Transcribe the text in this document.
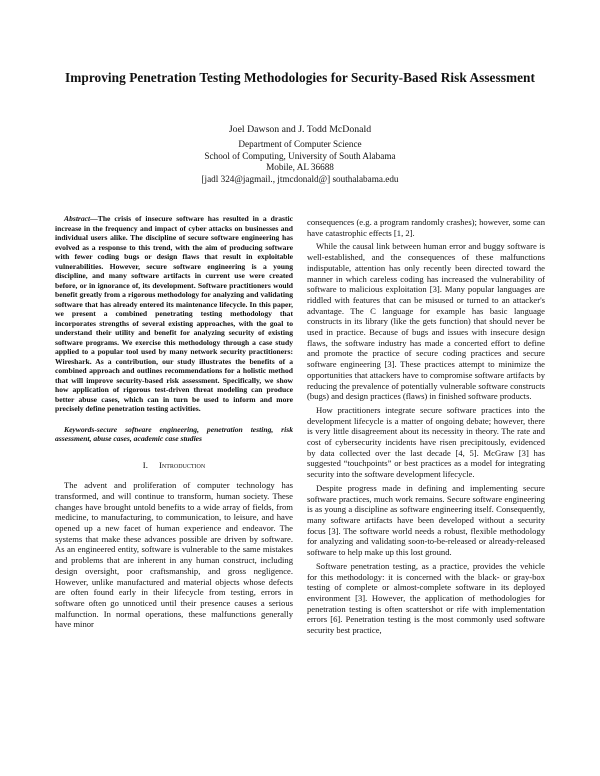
Improving Penetration Testing Methodologies for Security-Based Risk Assessment
Joel Dawson and J. Todd McDonald
Department of Computer Science
School of Computing, University of South Alabama
Mobile, AL 36688
[jadl 324@jagmail., jtmcdonald@] southalabama.edu

Abstract—The crisis of insecure software has resulted in a drastic increase in the frequency and impact of cyber attacks on businesses and individual users alike. The discipline of secure software engineering has evolved as a response to this trend, with the aim of producing software with fewer coding bugs or design flaws that result in exploitable vulnerabilities. However, secure software engineering is a young discipline, and many software artifacts in current use were created before, or in ignorance of, its development. Software practitioners would benefit greatly from a rigorous methodology for analyzing and validating software that has already entered its maintenance lifecycle. In this paper, we present a combined penetrating testing methodology that incorporates strengths of several existing approaches, with the goal to understand their utility and benefit for analyzing security of existing software programs. We exercise this methodology through a case study applied to a popular tool used by many network security practitioners: Wireshark. As a contribution, our study illustrates the benefits of a combined approach and outlines recommendations for a holistic method that will improve security-based risk assessment. Specifically, we show how application of rigorous test-driven threat modeling can produce better abuse cases, which can in turn be used to inform and more precisely define penetration testing activities.

Keywords-secure software engineering, penetration testing, risk assessment, abuse cases, academic case studies

I. Introduction

The advent and proliferation of computer technology has transformed, and will continue to transform, human society. These changes have brought untold benefits to a wide array of fields, from medicine, to manufacturing, to communication, to leisure, and have opened up a new facet of human experience and endeavor. The systems that make these advances possible are driven by software. As an engineered entity, software is vulnerable to the same mistakes and problems that are inherent in any human construct, including design oversight, poor craftsmanship, and gross negligence. However, unlike manufactured and material objects whose defects are often found early in their lifecycle from testing, errors in software often go unnoticed until their presence causes a serious malfunction. In normal operations, these malfunctions generally have minor

consequences (e.g. a program randomly crashes); however, some can have catastrophic effects [1, 2].

While the causal link between human error and buggy software is well-established, and the consequences of these malfunctions indisputable, attention has only recently been directed toward the manner in which careless coding has increased the vulnerability of software to malicious exploitation [3]. Many popular languages are riddled with features that can be misused or turned to an attacker's advantage. The C language for example has basic language constructs in its library (like the gets function) that should never be used in practice. Because of bugs and issues with insecure design flaws, the software industry has made a concerted effort to define and promote the practice of secure coding practices and secure software engineering [3]. These practices attempt to minimize the opportunities that attackers have to compromise software artifacts by reducing the prevalence of potentially vulnerable software constructs (bugs) and design practices (flaws) in finished software products.

How practitioners integrate secure software practices into the development lifecycle is a matter of ongoing debate; however, there is very little disagreement about its necessity in theory. The rate and cost of cybersecurity incidents have risen precipitously, evidenced by data collected over the last decade [4, 5]. McGraw [3] has suggested “touchpoints” or best practices as a model for integrating security into the software development lifecycle.

Despite progress made in defining and implementing secure software practices, much work remains. Secure software engineering is as young a discipline as software engineering itself. Consequently, many software artifacts have been developed without a security focus [3]. The software world needs a robust, flexible methodology for analyzing and validating soon-to-be-released or already-released software to help make up this lost ground.

Software penetration testing, as a practice, provides the vehicle for this methodology: it is concerned with the black- or gray-box testing of complete or almost-complete software in its deployed environment [3]. However, the application of methodologies for penetration testing is often scattershot or rife with implementation errors [6]. Penetration testing is the most commonly used software security best practice,
